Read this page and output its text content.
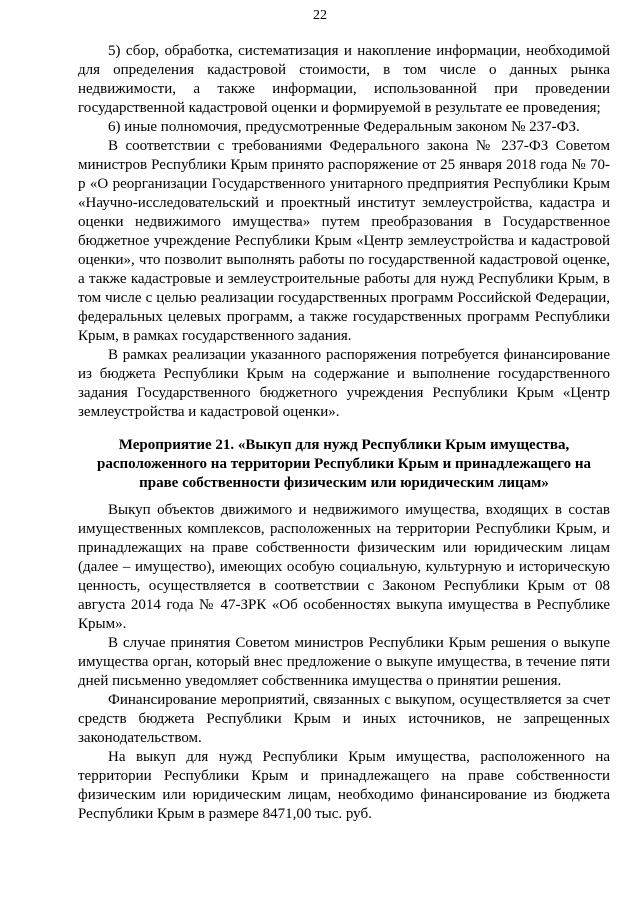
22

5) сбор, обработка, систематизация и накопление информации, необходимой для определения кадастровой стоимости, в том числе о данных рынка недвижимости, а также информации, использованной при проведении государственной кадастровой оценки и формируемой в результате ее проведения;

6) иные полномочия, предусмотренные Федеральным законом № 237-ФЗ.

В соответствии с требованиями Федерального закона № 237-ФЗ Советом министров Республики Крым принято распоряжение от 25 января 2018 года № 70-р «О реорганизации Государственного унитарного предприятия Республики Крым «Научно-исследовательский и проектный институт землеустройства, кадастра и оценки недвижимого имущества» путем преобразования в Государственное бюджетное учреждение Республики Крым «Центр землеустройства и кадастровой оценки», что позволит выполнять работы по государственной кадастровой оценке, а также кадастровые и землеустроительные работы для нужд Республики Крым, в том числе с целью реализации государственных программ Российской Федерации, федеральных целевых программ, а также государственных программ Республики Крым, в рамках государственного задания.

В рамках реализации указанного распоряжения потребуется финансирование из бюджета Республики Крым на содержание и выполнение государственного задания Государственного бюджетного учреждения Республики Крым «Центр землеустройства и кадастровой оценки».

Мероприятие 21. «Выкуп для нужд Республики Крым имущества, расположенного на территории Республики Крым и принадлежащего на праве собственности физическим или юридическим лицам»

Выкуп объектов движимого и недвижимого имущества, входящих в состав имущественных комплексов, расположенных на территории Республики Крым, и принадлежащих на праве собственности физическим или юридическим лицам (далее – имущество), имеющих особую социальную, культурную и историческую ценность, осуществляется в соответствии с Законом Республики Крым от 08 августа 2014 года № 47-ЗРК «Об особенностях выкупа имущества в Республике Крым».

В случае принятия Советом министров Республики Крым решения о выкупе имущества орган, который внес предложение о выкупе имущества, в течение пяти дней письменно уведомляет собственника имущества о принятии решения.

Финансирование мероприятий, связанных с выкупом, осуществляется за счет средств бюджета Республики Крым и иных источников, не запрещенных законодательством.

На выкуп для нужд Республики Крым имущества, расположенного на территории Республики Крым и принадлежащего на праве собственности физическим или юридическим лицам, необходимо финансирование из бюджета Республики Крым в размере 8471,00 тыс. руб.
